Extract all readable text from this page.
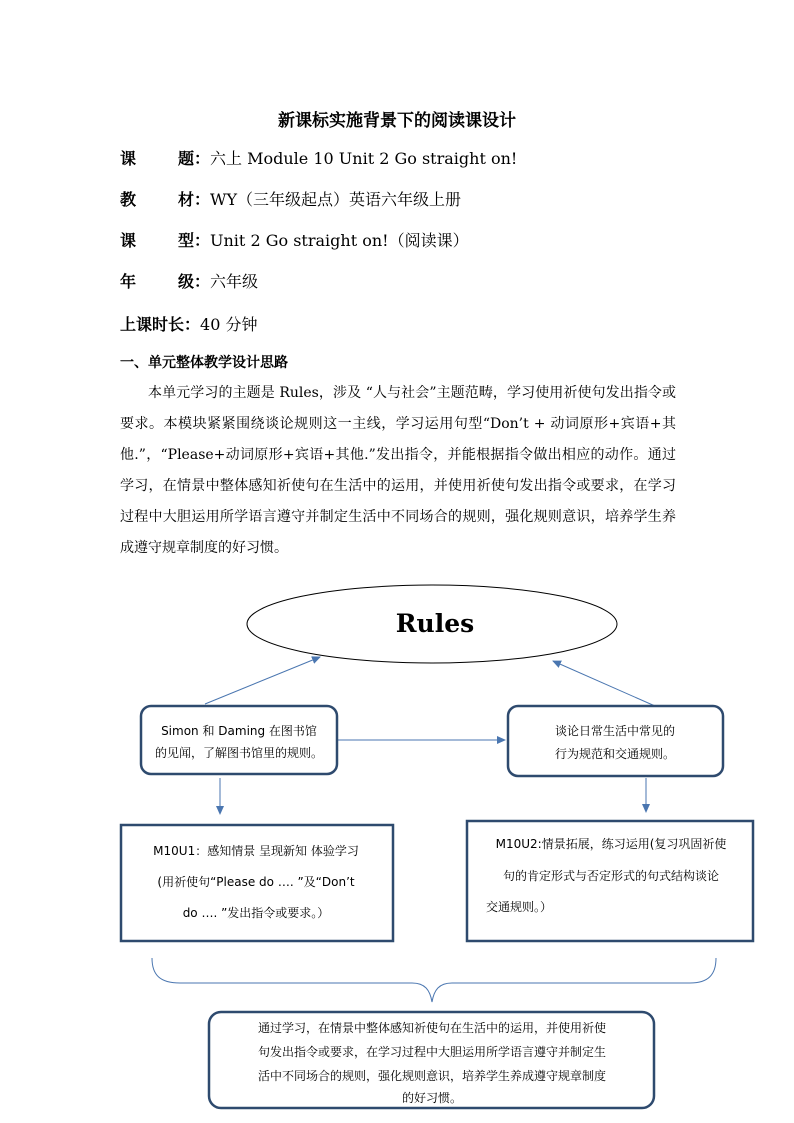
新课标实施背景下的阅读课设计
课	题：六上 Module 10 Unit 2 Go straight on!
教	材：WY（三年级起点）英语六年级上册
课	型：Unit 2 Go straight on!（阅读课）
年	级：六年级
上课时长：40 分钟
一、单元整体教学设计思路

本单元学习的主题是 Rules，涉及 “人与社会”主题范畴，学习使用祈使句发出指令或要求。本模块紧紧围绕谈论规则这一主线，学习运用句型“Don’t + 动词原形+宾语+其他.”，“Please+动词原形+宾语+其他.”发出指令，并能根据指令做出相应的动作。通过学习，在情景中整体感知祈使句在生活中的运用，并使用祈使句发出指令或要求，在学习过程中大胆运用所学语言遵守并制定生活中不同场合的规则，强化规则意识，培养学生养成遵守规章制度的好习惯。

Rules
Simon 和 Daming 在图书馆
的见闻，了解图书馆里的规则。
谈论日常生活中常见的
行为规范和交通规则。
M10U1：感知情景 呈现新知 体验学习
(用祈使句“Please do …. ”及“Don’t
do …. ”发出指令或要求。）
M10U2:情景拓展，练习运用(复习巩固祈使
句的肯定形式与否定形式的句式结构谈论
交通规则。）
通过学习，在情景中整体感知祈使句在生活中的运用，并使用祈使
句发出指令或要求，在学习过程中大胆运用所学语言遵守并制定生
活中不同场合的规则，强化规则意识，培养学生养成遵守规章制度
的好习惯。
